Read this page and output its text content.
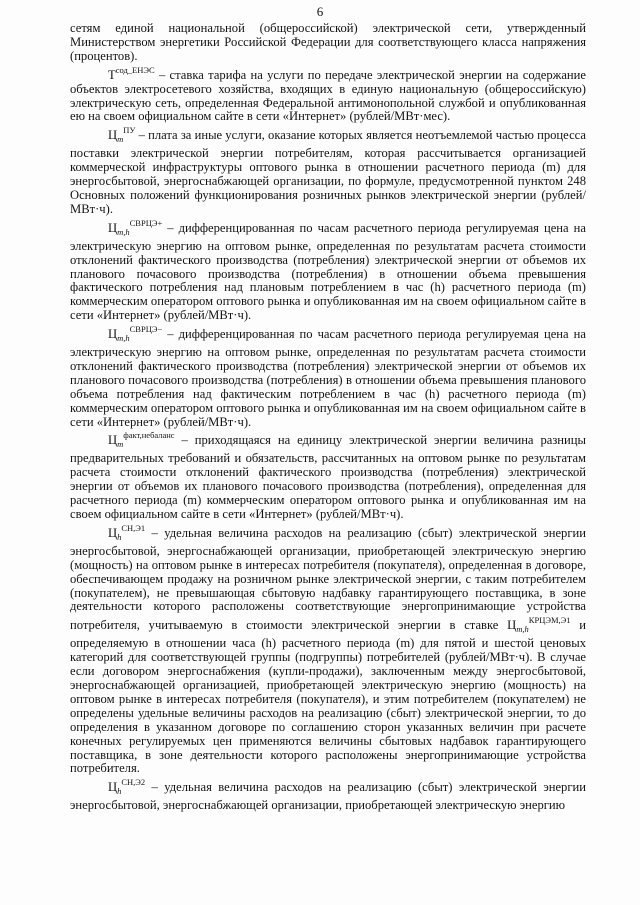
6

сетям единой национальной (общероссийской) электрической сети, утвержденный Министерством энергетики Российской Федерации для соответствующего класса напряжения (процентов).

$Т^{сод\_ЕНЭС}$ – ставка тарифа на услуги по передаче электрической энергии на содержание объектов электросетевого хозяйства, входящих в единую национальную (общероссийскую) электрическую сеть, определенная Федеральной антимонопольной службой и опубликованная ею на своем официальном сайте в сети «Интернет» (рублей/МВт·мес).

$Ц_m^{ПУ}$ – плата за иные услуги, оказание которых является неотъемлемой частью процесса поставки электрической энергии потребителям, которая рассчитывается организацией коммерческой инфраструктуры оптового рынка в отношении расчетного периода (m) для энергосбытовой, энергоснабжающей организации, по формуле, предусмотренной пунктом 248 Основных положений функционирования розничных рынков электрической энергии (рублей/МВт·ч).

$Ц_{m,h}^{СВРЦЭ+}$ – дифференцированная по часам расчетного периода регулируемая цена на электрическую энергию на оптовом рынке, определенная по результатам расчета стоимости отклонений фактического производства (потребления) электрической энергии от объемов их планового почасового производства (потребления) в отношении объема превышения фактического потребления над плановым потреблением в час (h) расчетного периода (m) коммерческим оператором оптового рынка и опубликованная им на своем официальном сайте в сети «Интернет» (рублей/МВт·ч).

$Ц_{m,h}^{СВРЦЭ-}$ – дифференцированная по часам расчетного периода регулируемая цена на электрическую энергию на оптовом рынке, определенная по результатам расчета стоимости отклонений фактического производства (потребления) электрической энергии от объемов их планового почасового производства (потребления) в отношении объема превышения планового объема потребления над фактическим потреблением в час (h) расчетного периода (m) коммерческим оператором оптового рынка и опубликованная им на своем официальном сайте в сети «Интернет» (рублей/МВт·ч).

$Ц_m^{факт,небаланс}$ – приходящаяся на единицу электрической энергии величина разницы предварительных требований и обязательств, рассчитанных на оптовом рынке по результатам расчета стоимости отклонений фактического производства (потребления) электрической энергии от объемов их планового почасового производства (потребления), определенная для расчетного периода (m) коммерческим оператором оптового рынка и опубликованная им на своем официальном сайте в сети «Интернет» (рублей/МВт·ч).

$Ц_h^{СН,Э1}$ – удельная величина расходов на реализацию (сбыт) электрической энергии энергосбытовой, энергоснабжающей организации, приобретающей электрическую энергию (мощность) на оптовом рынке в интересах потребителя (покупателя), определенная в договоре, обеспечивающем продажу на розничном рынке электрической энергии, с таким потребителем (покупателем), не превышающая сбытовую надбавку гарантирующего поставщика, в зоне деятельности которого расположены соответствующие энергопринимающие устройства потребителя, учитываемую в стоимости электрической энергии в ставке $Ц_{m,h}^{КРЦЭМ,Э1}$ и определяемую в отношении часа (h) расчетного периода (m) для пятой и шестой ценовых категорий для соответствующей группы (подгруппы) потребителей (рублей/МВт·ч). В случае если договором энергоснабжения (купли-продажи), заключенным между энергосбытовой, энергоснабжающей организацией, приобретающей электрическую энергию (мощность) на оптовом рынке в интересах потребителя (покупателя), и этим потребителем (покупателем) не определены удельные величины расходов на реализацию (сбыт) электрической энергии, то до определения в указанном договоре по соглашению сторон указанных величин при расчете конечных регулируемых цен применяются величины сбытовых надбавок гарантирующего поставщика, в зоне деятельности которого расположены энергопринимающие устройства потребителя.

$Ц_h^{СН,Э2}$ – удельная величина расходов на реализацию (сбыт) электрической энергии энергосбытовой, энергоснабжающей организации, приобретающей электрическую энергию
